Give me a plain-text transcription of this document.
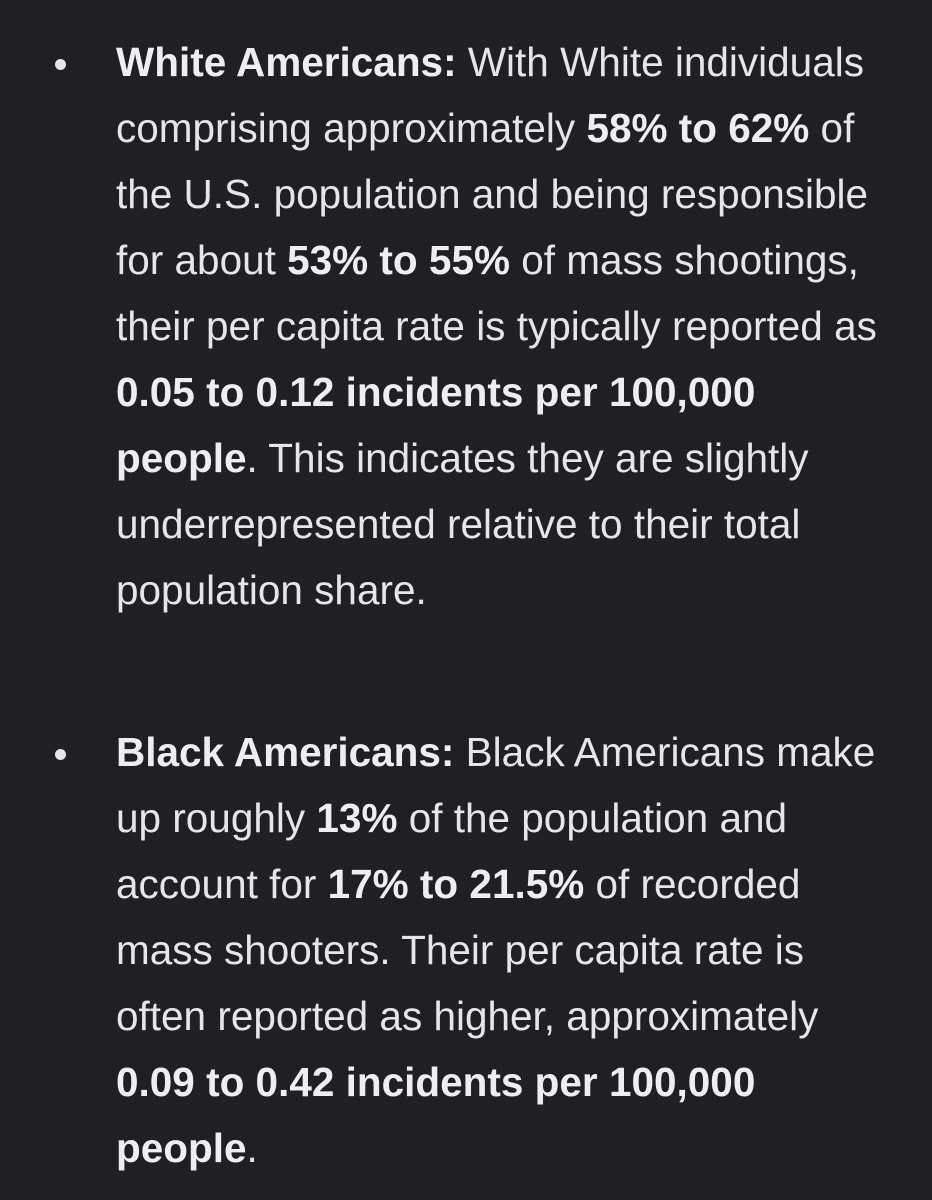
White Americans: With White individuals comprising approximately 58% to 62% of the U.S. population and being responsible for about 53% to 55% of mass shootings, their per capita rate is typically reported as 0.05 to 0.12 incidents per 100,000 people. This indicates they are slightly underrepresented relative to their total population share.
Black Americans: Black Americans make up roughly 13% of the population and account for 17% to 21.5% of recorded mass shooters. Their per capita rate is often reported as higher, approximately 0.09 to 0.42 incidents per 100,000 people.
